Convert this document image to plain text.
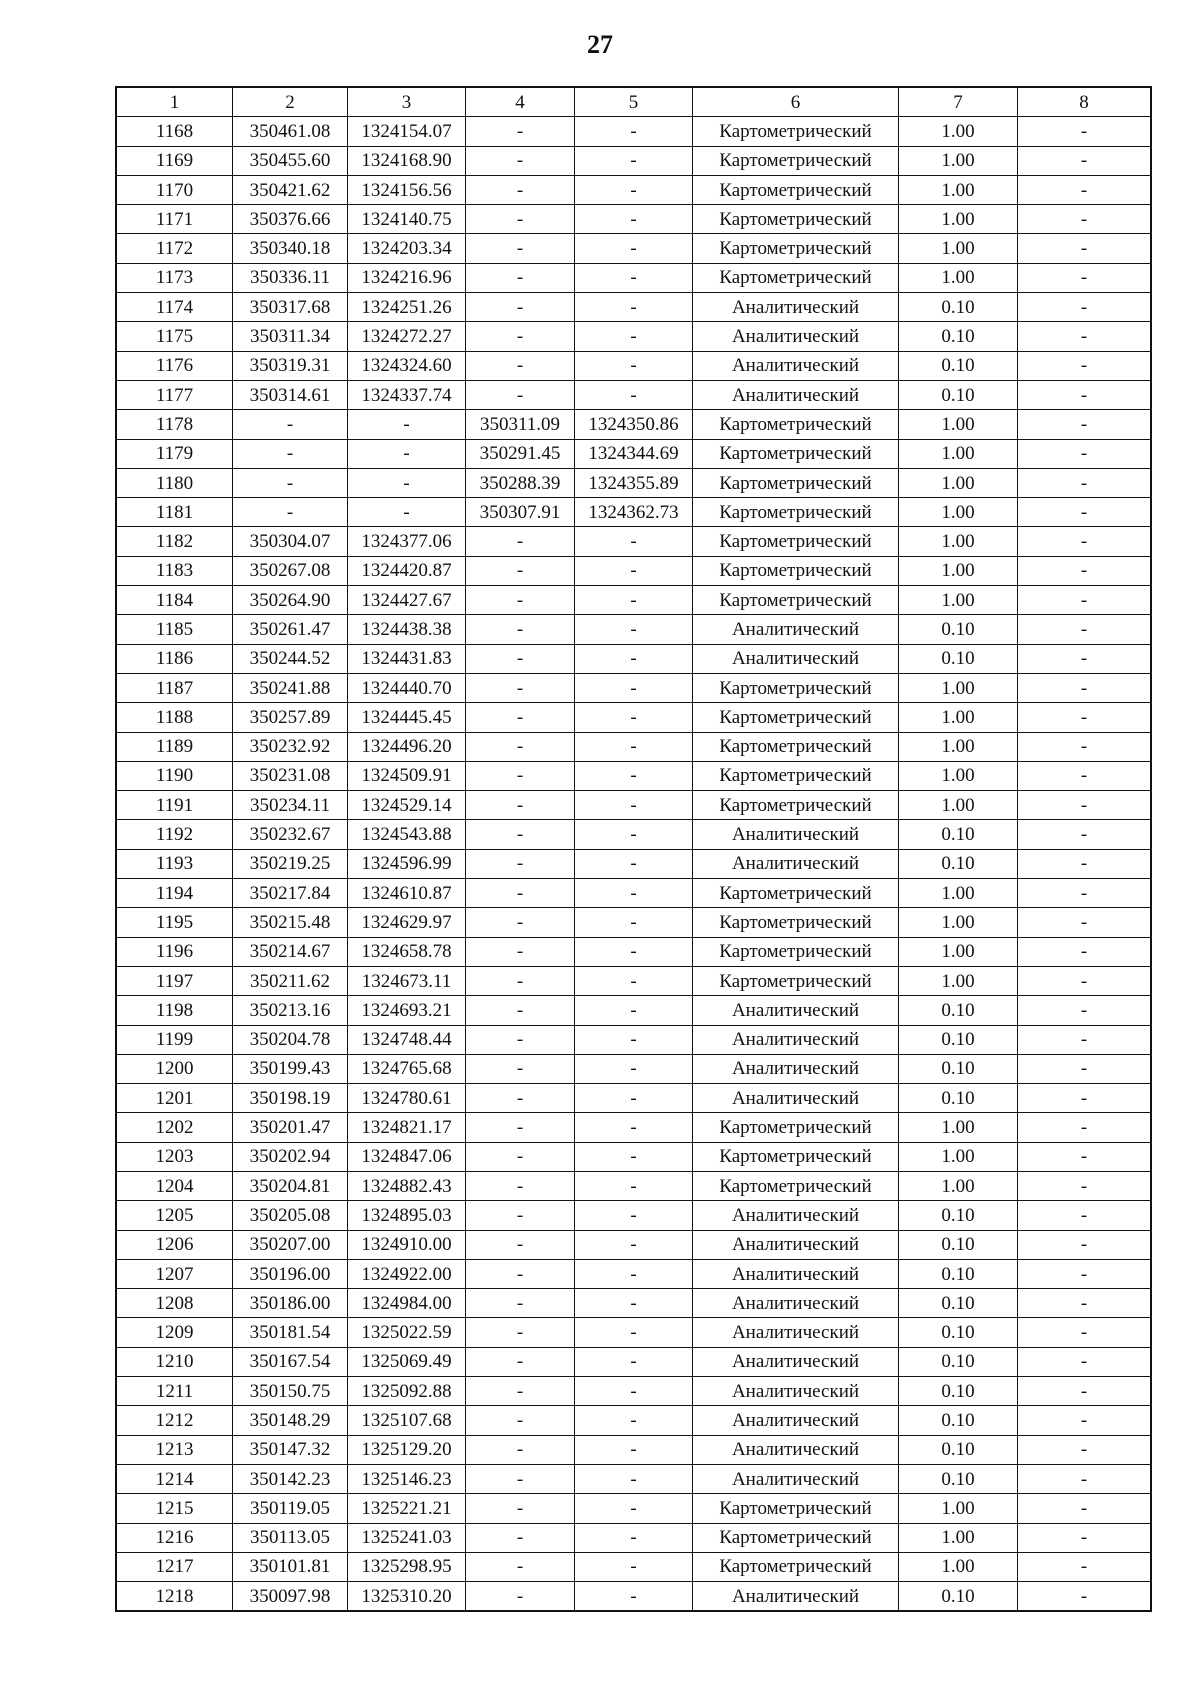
27
1	2	3	4	5	6	7	8
1168	350461.08	1324154.07	-	-	Картометрический	1.00	-
1169	350455.60	1324168.90	-	-	Картометрический	1.00	-
1170	350421.62	1324156.56	-	-	Картометрический	1.00	-
1171	350376.66	1324140.75	-	-	Картометрический	1.00	-
1172	350340.18	1324203.34	-	-	Картометрический	1.00	-
1173	350336.11	1324216.96	-	-	Картометрический	1.00	-
1174	350317.68	1324251.26	-	-	Аналитический	0.10	-
1175	350311.34	1324272.27	-	-	Аналитический	0.10	-
1176	350319.31	1324324.60	-	-	Аналитический	0.10	-
1177	350314.61	1324337.74	-	-	Аналитический	0.10	-
1178	-	-	350311.09	1324350.86	Картометрический	1.00	-
1179	-	-	350291.45	1324344.69	Картометрический	1.00	-
1180	-	-	350288.39	1324355.89	Картометрический	1.00	-
1181	-	-	350307.91	1324362.73	Картометрический	1.00	-
1182	350304.07	1324377.06	-	-	Картометрический	1.00	-
1183	350267.08	1324420.87	-	-	Картометрический	1.00	-
1184	350264.90	1324427.67	-	-	Картометрический	1.00	-
1185	350261.47	1324438.38	-	-	Аналитический	0.10	-
1186	350244.52	1324431.83	-	-	Аналитический	0.10	-
1187	350241.88	1324440.70	-	-	Картометрический	1.00	-
1188	350257.89	1324445.45	-	-	Картометрический	1.00	-
1189	350232.92	1324496.20	-	-	Картометрический	1.00	-
1190	350231.08	1324509.91	-	-	Картометрический	1.00	-
1191	350234.11	1324529.14	-	-	Картометрический	1.00	-
1192	350232.67	1324543.88	-	-	Аналитический	0.10	-
1193	350219.25	1324596.99	-	-	Аналитический	0.10	-
1194	350217.84	1324610.87	-	-	Картометрический	1.00	-
1195	350215.48	1324629.97	-	-	Картометрический	1.00	-
1196	350214.67	1324658.78	-	-	Картометрический	1.00	-
1197	350211.62	1324673.11	-	-	Картометрический	1.00	-
1198	350213.16	1324693.21	-	-	Аналитический	0.10	-
1199	350204.78	1324748.44	-	-	Аналитический	0.10	-
1200	350199.43	1324765.68	-	-	Аналитический	0.10	-
1201	350198.19	1324780.61	-	-	Аналитический	0.10	-
1202	350201.47	1324821.17	-	-	Картометрический	1.00	-
1203	350202.94	1324847.06	-	-	Картометрический	1.00	-
1204	350204.81	1324882.43	-	-	Картометрический	1.00	-
1205	350205.08	1324895.03	-	-	Аналитический	0.10	-
1206	350207.00	1324910.00	-	-	Аналитический	0.10	-
1207	350196.00	1324922.00	-	-	Аналитический	0.10	-
1208	350186.00	1324984.00	-	-	Аналитический	0.10	-
1209	350181.54	1325022.59	-	-	Аналитический	0.10	-
1210	350167.54	1325069.49	-	-	Аналитический	0.10	-
1211	350150.75	1325092.88	-	-	Аналитический	0.10	-
1212	350148.29	1325107.68	-	-	Аналитический	0.10	-
1213	350147.32	1325129.20	-	-	Аналитический	0.10	-
1214	350142.23	1325146.23	-	-	Аналитический	0.10	-
1215	350119.05	1325221.21	-	-	Картометрический	1.00	-
1216	350113.05	1325241.03	-	-	Картометрический	1.00	-
1217	350101.81	1325298.95	-	-	Картометрический	1.00	-
1218	350097.98	1325310.20	-	-	Аналитический	0.10	-
